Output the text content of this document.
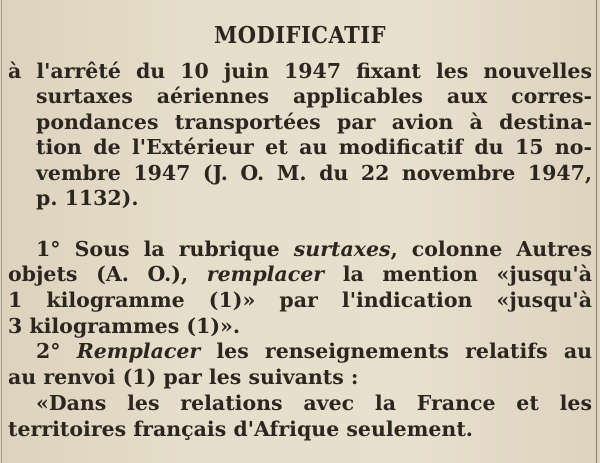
MODIFICATIF
à l'arrêté du 10 juin 1947 fixant les nouvelles
surtaxes aériennes applicables aux corres-
pondances transportées par avion à destina-
tion de l'Extérieur et au modificatif du 15 no-
vembre 1947 (J. O. M. du 22 novembre 1947,
p. 1132).
1° Sous la rubrique surtaxes, colonne Autres
objets (A. O.), remplacer la mention «jusqu'à
1 kilogramme (1)» par l'indication «jusqu'à
3 kilogrammes (1)».
2° Remplacer les renseignements relatifs au
au renvoi (1) par les suivants :
«Dans les relations avec la France et les
territoires français d'Afrique seulement.
